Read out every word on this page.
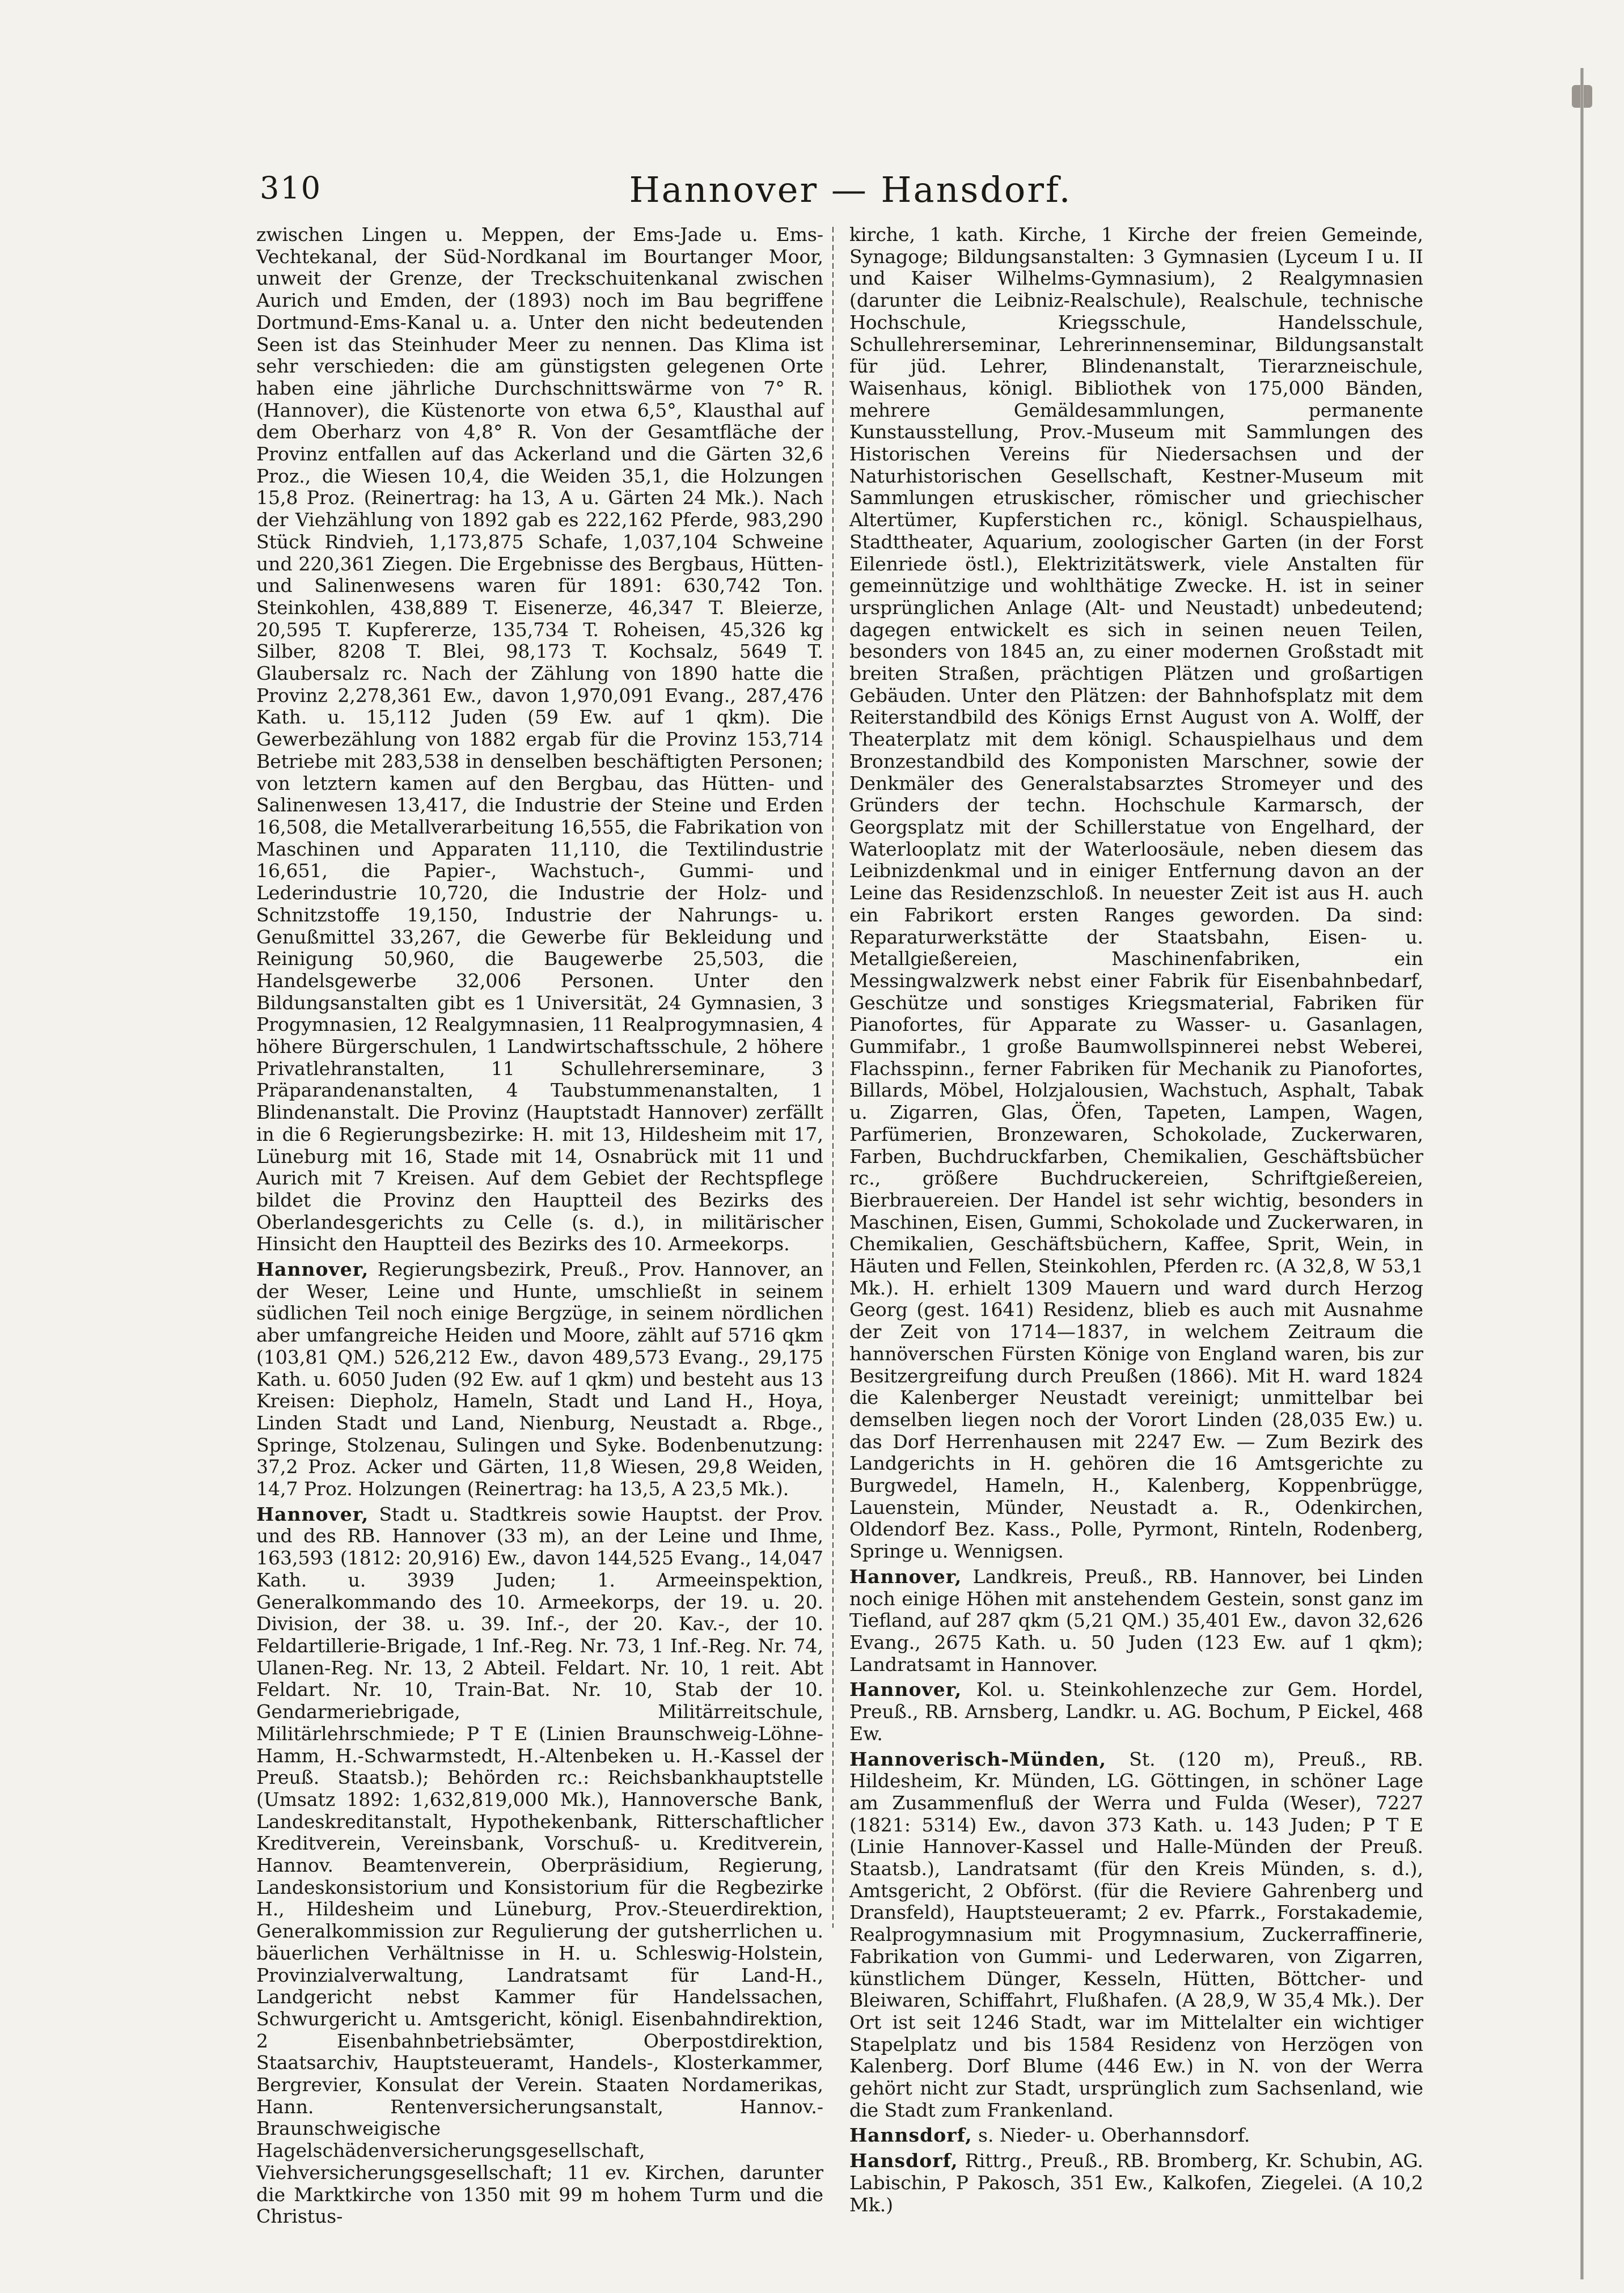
310	Hannover — Hansdorf.

zwischen Lingen u. Meppen, der Ems-Jade u. Ems-Vechtekanal, der Süd-Nordkanal im Bourtanger Moor, unweit der Grenze, der Treckschuitenkanal zwischen Aurich und Emden, der (1893) noch im Bau begriffene Dortmund-Ems-Kanal u. a. Unter den nicht bedeutenden Seen ist das Steinhuder Meer zu nennen. Das Klima ist sehr verschieden: die am günstigsten gelegenen Orte haben eine jährliche Durchschnittswärme von 7° R. (Hannover), die Küstenorte von etwa 6,5°, Klausthal auf dem Oberharz von 4,8° R. Von der Gesamtfläche der Provinz entfallen auf das Ackerland und die Gärten 32,6 Proz., die Wiesen 10,4, die Weiden 35,1, die Holzungen 15,8 Proz. (Reinertrag: ha 13, A u. Gärten 24 Mk.). Nach der Viehzählung von 1892 gab es 222,162 Pferde, 983,290 Stück Rindvieh, 1,173,875 Schafe, 1,037,104 Schweine und 220,361 Ziegen. Die Ergebnisse des Bergbaus, Hütten- und Salinenwesens waren für 1891: 630,742 Ton. Steinkohlen, 438,889 T. Eisenerze, 46,347 T. Bleierze, 20,595 T. Kupfererze, 135,734 T. Roheisen, 45,326 kg Silber, 8208 T. Blei, 98,173 T. Kochsalz, 5649 T. Glaubersalz rc. Nach der Zählung von 1890 hatte die Provinz 2,278,361 Ew., davon 1,970,091 Evang., 287,476 Kath. u. 15,112 Juden (59 Ew. auf 1 qkm). Die Gewerbezählung von 1882 ergab für die Provinz 153,714 Betriebe mit 283,538 in denselben beschäftigten Personen; von letztern kamen auf den Bergbau, das Hütten- und Salinenwesen 13,417, die Industrie der Steine und Erden 16,508, die Metallverarbeitung 16,555, die Fabrikation von Maschinen und Apparaten 11,110, die Textilindustrie 16,651, die Papier-, Wachstuch-, Gummi- und Lederindustrie 10,720, die Industrie der Holz- und Schnitzstoffe 19,150, Industrie der Nahrungs- u. Genußmittel 33,267, die Gewerbe für Bekleidung und Reinigung 50,960, die Baugewerbe 25,503, die Handelsgewerbe 32,006 Personen. Unter den Bildungsanstalten gibt es 1 Universität, 24 Gymnasien, 3 Progymnasien, 12 Realgymnasien, 11 Realprogymnasien, 4 höhere Bürgerschulen, 1 Landwirtschaftsschule, 2 höhere Privatlehranstalten, 11 Schullehrerseminare, 3 Präparandenanstalten, 4 Taubstummenanstalten, 1 Blindenanstalt. Die Provinz (Hauptstadt Hannover) zerfällt in die 6 Regierungsbezirke: H. mit 13, Hildesheim mit 17, Lüneburg mit 16, Stade mit 14, Osnabrück mit 11 und Aurich mit 7 Kreisen. Auf dem Gebiet der Rechtspflege bildet die Provinz den Hauptteil des Bezirks des Oberlandesgerichts zu Celle (s. d.), in militärischer Hinsicht den Hauptteil des Bezirks des 10. Armeekorps.

Hannover, Regierungsbezirk, Preuß., Prov. Hannover, an der Weser, Leine und Hunte, umschließt in seinem südlichen Teil noch einige Bergzüge, in seinem nördlichen aber umfangreiche Heiden und Moore, zählt auf 5716 qkm (103,81 QM.) 526,212 Ew., davon 489,573 Evang., 29,175 Kath. u. 6050 Juden (92 Ew. auf 1 qkm) und besteht aus 13 Kreisen: Diepholz, Hameln, Stadt und Land H., Hoya, Linden Stadt und Land, Nienburg, Neustadt a. Rbge., Springe, Stolzenau, Sulingen und Syke. Bodenbenutzung: 37,2 Proz. Acker und Gärten, 11,8 Wiesen, 29,8 Weiden, 14,7 Proz. Holzungen (Reinertrag: ha 13,5, A 23,5 Mk.).

Hannover, Stadt u. Stadtkreis sowie Hauptst. der Prov. und des RB. Hannover (33 m), an der Leine und Ihme, 163,593 (1812: 20,916) Ew., davon 144,525 Evang., 14,047 Kath. u. 3939 Juden; 1. Armeeinspektion, Generalkommando des 10. Armeekorps, der 19. u. 20. Division, der 38. u. 39. Inf.-, der 20. Kav.-, der 10. Feldartillerie-Brigade, 1 Inf.-Reg. Nr. 73, 1 Inf.-Reg. Nr. 74, Ulanen-Reg. Nr. 13, 2 Abteil. Feldart. Nr. 10, 1 reit. Abt Feldart. Nr. 10, Train-Bat. Nr. 10, Stab der 10. Gendarmeriebrigade, Militärreitschule, Militärlehrschmiede; P T E (Linien Braunschweig-Löhne-Hamm, H.-Schwarmstedt, H.-Altenbeken u. H.-Kassel der Preuß. Staatsb.); Behörden rc.: Reichsbankhauptstelle (Umsatz 1892: 1,632,819,000 Mk.), Hannoversche Bank, Landeskreditanstalt, Hypothekenbank, Ritterschaftlicher Kreditverein, Vereinsbank, Vorschuß- u. Kreditverein, Hannov. Beamtenverein, Oberpräsidium, Regierung, Landeskonsistorium und Konsistorium für die Regbezirke H., Hildesheim und Lüneburg, Prov.-Steuerdirektion, Generalkommission zur Regulierung der gutsherrlichen u. bäuerlichen Verhältnisse in H. u. Schleswig-Holstein, Provinzialverwaltung, Landratsamt für Land-H., Landgericht nebst Kammer für Handelssachen, Schwurgericht u. Amtsgericht, königl. Eisenbahndirektion, 2 Eisenbahnbetriebsämter, Oberpostdirektion, Staatsarchiv, Hauptsteueramt, Handels-, Klosterkammer, Bergrevier, Konsulat der Verein. Staaten Nordamerikas, Hann. Rentenversicherungsanstalt, Hannov.-Braunschweigische Hagelschädenversicherungsgesellschaft, Viehversicherungsgesellschaft; 11 ev. Kirchen, darunter die Marktkirche von 1350 mit 99 m hohem Turm und die Christus-

kirche, 1 kath. Kirche, 1 Kirche der freien Gemeinde, Synagoge; Bildungsanstalten: 3 Gymnasien (Lyceum I u. II und Kaiser Wilhelms-Gymnasium), 2 Realgymnasien (darunter die Leibniz-Realschule), Realschule, technische Hochschule, Kriegsschule, Handelsschule, Schullehrerseminar, Lehrerinnenseminar, Bildungsanstalt für jüd. Lehrer, Blindenanstalt, Tierarzneischule, Waisenhaus, königl. Bibliothek von 175,000 Bänden, mehrere Gemäldesammlungen, permanente Kunstausstellung, Prov.-Museum mit Sammlungen des Historischen Vereins für Niedersachsen und der Naturhistorischen Gesellschaft, Kestner-Museum mit Sammlungen etruskischer, römischer und griechischer Altertümer, Kupferstichen rc., königl. Schauspielhaus, Stadttheater, Aquarium, zoologischer Garten (in der Forst Eilenriede östl.), Elektrizitätswerk, viele Anstalten für gemeinnützige und wohlthätige Zwecke. H. ist in seiner ursprünglichen Anlage (Alt- und Neustadt) unbedeutend; dagegen entwickelt es sich in seinen neuen Teilen, besonders von 1845 an, zu einer modernen Großstadt mit breiten Straßen, prächtigen Plätzen und großartigen Gebäuden. Unter den Plätzen: der Bahnhofsplatz mit dem Reiterstandbild des Königs Ernst August von A. Wolff, der Theaterplatz mit dem königl. Schauspielhaus und dem Bronzestandbild des Komponisten Marschner, sowie der Denkmäler des Generalstabsarztes Stromeyer und des Gründers der techn. Hochschule Karmarsch, der Georgsplatz mit der Schillerstatue von Engelhard, der Waterlooplatz mit der Waterloosäule, neben diesem das Leibnizdenkmal und in einiger Entfernung davon an der Leine das Residenzschloß. In neuester Zeit ist aus H. auch ein Fabrikort ersten Ranges geworden. Da sind: Reparaturwerkstätte der Staatsbahn, Eisen- u. Metallgießereien, Maschinenfabriken, ein Messingwalzwerk nebst einer Fabrik für Eisenbahnbedarf, Geschütze und sonstiges Kriegsmaterial, Fabriken für Pianofortes, für Apparate zu Wasser- u. Gasanlagen, Gummifabr., 1 große Baumwollspinnerei nebst Weberei, Flachsspinn., ferner Fabriken für Mechanik zu Pianofortes, Billards, Möbel, Holzjalousien, Wachstuch, Asphalt, Tabak u. Zigarren, Glas, Öfen, Tapeten, Lampen, Wagen, Parfümerien, Bronzewaren, Schokolade, Zuckerwaren, Farben, Buchdruckfarben, Chemikalien, Geschäftsbücher rc., größere Buchdruckereien, Schriftgießereien, Bierbrauereien. Der Handel ist sehr wichtig, besonders in Maschinen, Eisen, Gummi, Schokolade und Zuckerwaren, in Chemikalien, Geschäftsbüchern, Kaffee, Sprit, Wein, in Häuten und Fellen, Steinkohlen, Pferden rc. (A 32,8, W 53,1 Mk.). H. erhielt 1309 Mauern und ward durch Herzog Georg (gest. 1641) Residenz, blieb es auch mit Ausnahme der Zeit von 1714—1837, in welchem Zeitraum die hannöverschen Fürsten Könige von England waren, bis zur Besitzergreifung durch Preußen (1866). Mit H. ward 1824 die Kalenberger Neustadt vereinigt; unmittelbar bei demselben liegen noch der Vorort Linden (28,035 Ew.) u. das Dorf Herrenhausen mit 2247 Ew. — Zum Bezirk des Landgerichts in H. gehören die 16 Amtsgerichte zu Burgwedel, Hameln, H., Kalenberg, Koppenbrügge, Lauenstein, Münder, Neustadt a. R., Odenkirchen, Oldendorf Bez. Kass., Polle, Pyrmont, Rinteln, Rodenberg, Springe u. Wennigsen.

Hannover, Landkreis, Preuß., RB. Hannover, bei Linden noch einige Höhen mit anstehendem Gestein, sonst ganz im Tiefland, auf 287 qkm (5,21 QM.) 35,401 Ew., davon 32,626 Evang., 2675 Kath. u. 50 Juden (123 Ew. auf 1 qkm); Landratsamt in Hannover.

Hannover, Kol. u. Steinkohlenzeche zur Gem. Hordel, Preuß., RB. Arnsberg, Landkr. u. AG. Bochum, P Eickel, 468 Ew.

Hannoverisch-Münden, St. (120 m), Preuß., RB. Hildesheim, Kr. Münden, LG. Göttingen, in schöner Lage am Zusammenfluß der Werra und Fulda (Weser), 7227 (1821: 5314) Ew., davon 373 Kath. u. 143 Juden; P T E (Linie Hannover-Kassel und Halle-Münden der Preuß. Staatsb.), Landratsamt (für den Kreis Münden, s. d.), Amtsgericht, 2 Obförst. (für die Reviere Gahrenberg und Dransfeld), Hauptsteueramt; 2 ev. Pfarrk., Forstakademie, Realprogymnasium mit Progymnasium, Zuckerraffinerie, Fabrikation von Gummi- und Lederwaren, von Zigarren, künstlichem Dünger, Kesseln, Hütten, Böttcher- und Bleiwaren, Schiffahrt, Flußhafen. (A 28,9, W 35,4 Mk.). Der Ort ist seit 1246 Stadt, war im Mittelalter ein wichtiger Stapelplatz und bis 1584 Residenz von Herzögen von Kalenberg. Dorf Blume (446 Ew.) in N. von der Werra gehört nicht zur Stadt, ursprünglich zum Sachsenland, wie die Stadt zum Frankenland.

Hannsdorf, s. Nieder- u. Oberhannsdorf.

Hansdorf, Rittrg., Preuß., RB. Bromberg, Kr. Schubin, AG. Labischin, P Pakosch, 351 Ew., Kalkofen, Ziegelei. (A 10,2 Mk.)
